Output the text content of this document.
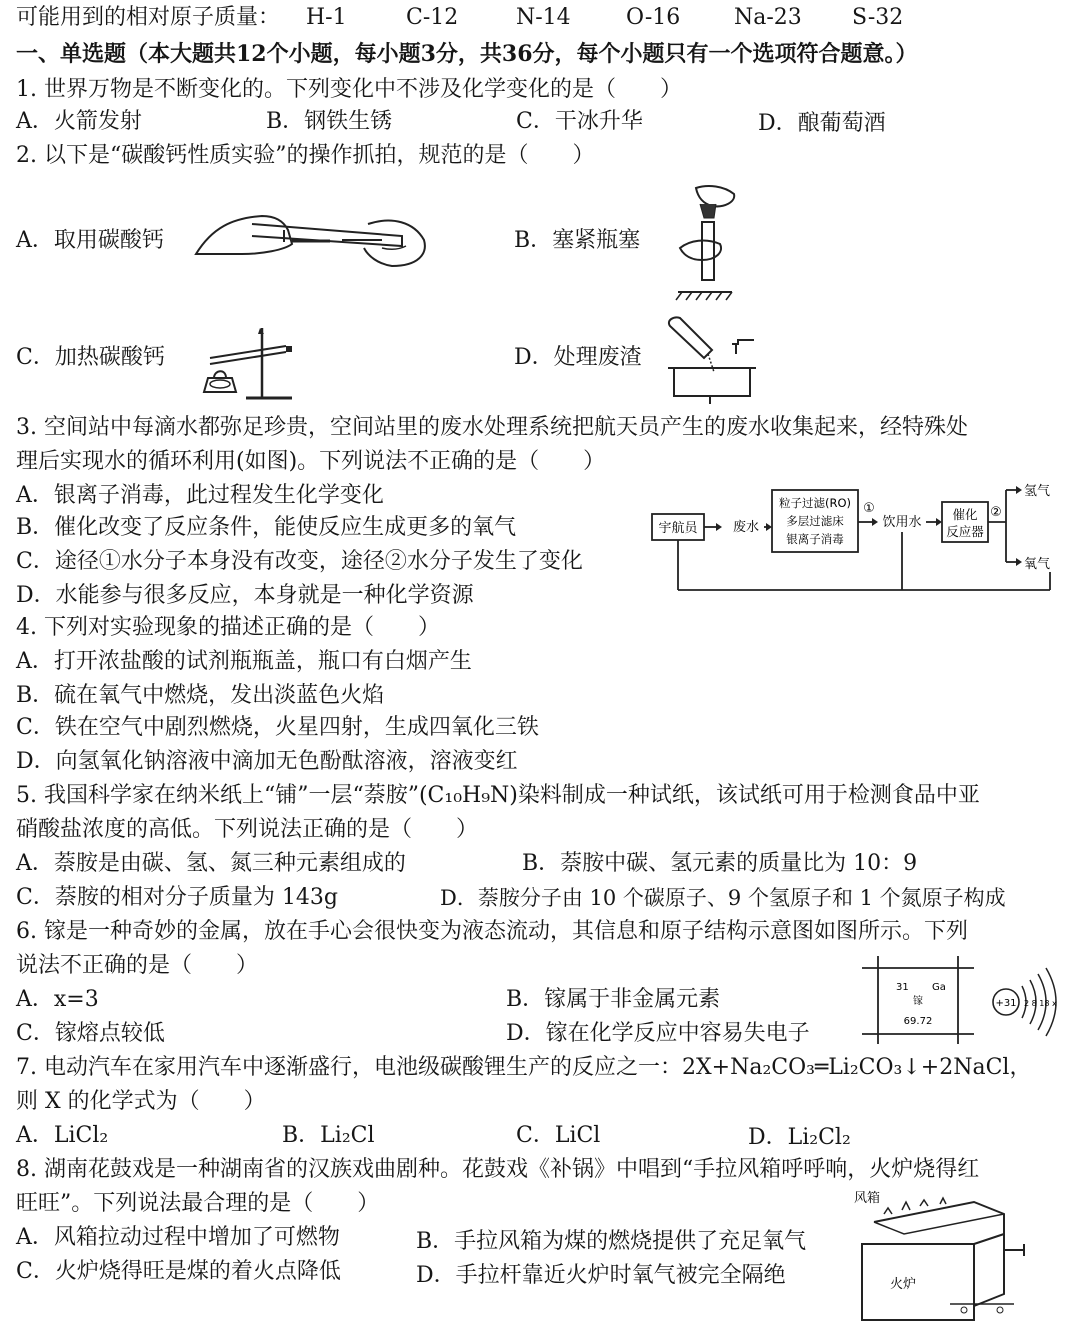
可能用到的相对原子质量： H-1	C-12	N-14	O-16 Na-23 S-32
一、单选题（本大题共12个小题，每小题3分，共36分，每个小题只有一个选项符合题意。）
1. 世界万物是不断变化的。下列变化中不涉及化学变化的是（　　）
A．火箭发射	B．钢铁生锈	C．干冰升华	D．酿葡萄酒
2. 以下是“碳酸钙性质实验”的操作抓拍，规范的是（　　）
A．取用碳酸钙	B．塞紧瓶塞
C．加热碳酸钙	D．处理废渣
3. 空间站中每滴水都弥足珍贵，空间站里的废水处理系统把航天员产生的废水收集起来，经特殊处
理后实现水的循环利用(如图)。下列说法不正确的是（　　）
A．银离子消毒，此过程发生化学变化
B．催化改变了反应条件，能使反应生成更多的氧气
C．途径①水分子本身没有改变，途径②水分子发生了变化
D．水能参与很多反应，本身就是一种化学资源
宇航员	废水
粒子过滤(RO)
多层过滤床
银离子消毒
①
饮用水
催化
反应器
②
氢气
氧气
4. 下列对实验现象的描述正确的是（　　）
A．打开浓盐酸的试剂瓶瓶盖，瓶口有白烟产生
B．硫在氧气中燃烧，发出淡蓝色火焰
C．铁在空气中剧烈燃烧，火星四射，生成四氧化三铁
D．向氢氧化钠溶液中滴加无色酚酞溶液，溶液变红
5. 我国科学家在纳米纸上“铺”一层“萘胺”(C₁₀H₉N)染料制成一种试纸，该试纸可用于检测食品中亚
硝酸盐浓度的高低。下列说法正确的是（　　）
A．萘胺是由碳、氢、氮三种元素组成的	B．萘胺中碳、氢元素的质量比为 10：9
C．萘胺的相对分子质量为 143g	D．萘胺分子由 10 个碳原子、9 个氢原子和 1 个氮原子构成
6. 镓是一种奇妙的金属，放在手心会很快变为液态流动，其信息和原子结构示意图如图所示。下列
说法不正确的是（　　）
A．x=3	B．镓属于非金属元素
C．镓熔点较低	D．镓在化学反应中容易失电子
31 Ga
镓
69.72
+31 2 8 18 x
7. 电动汽车在家用汽车中逐渐盛行，电池级碳酸锂生产的反应之一：2X+Na₂CO₃═Li₂CO₃↓+2NaCl，
则 X 的化学式为（　　）
A．LiCl₂	B．Li₂Cl	C．LiCl	D．Li₂Cl₂
8. 湖南花鼓戏是一种湖南省的汉族戏曲剧种。花鼓戏《补锅》中唱到“手拉风箱呼呼响，火炉烧得红
旺旺”。下列说法最合理的是（　　）
A．风箱拉动过程中增加了可燃物	B．手拉风箱为煤的燃烧提供了充足氧气
C．火炉烧得旺是煤的着火点降低	D．手拉杆靠近火炉时氧气被完全隔绝
风箱
火炉
